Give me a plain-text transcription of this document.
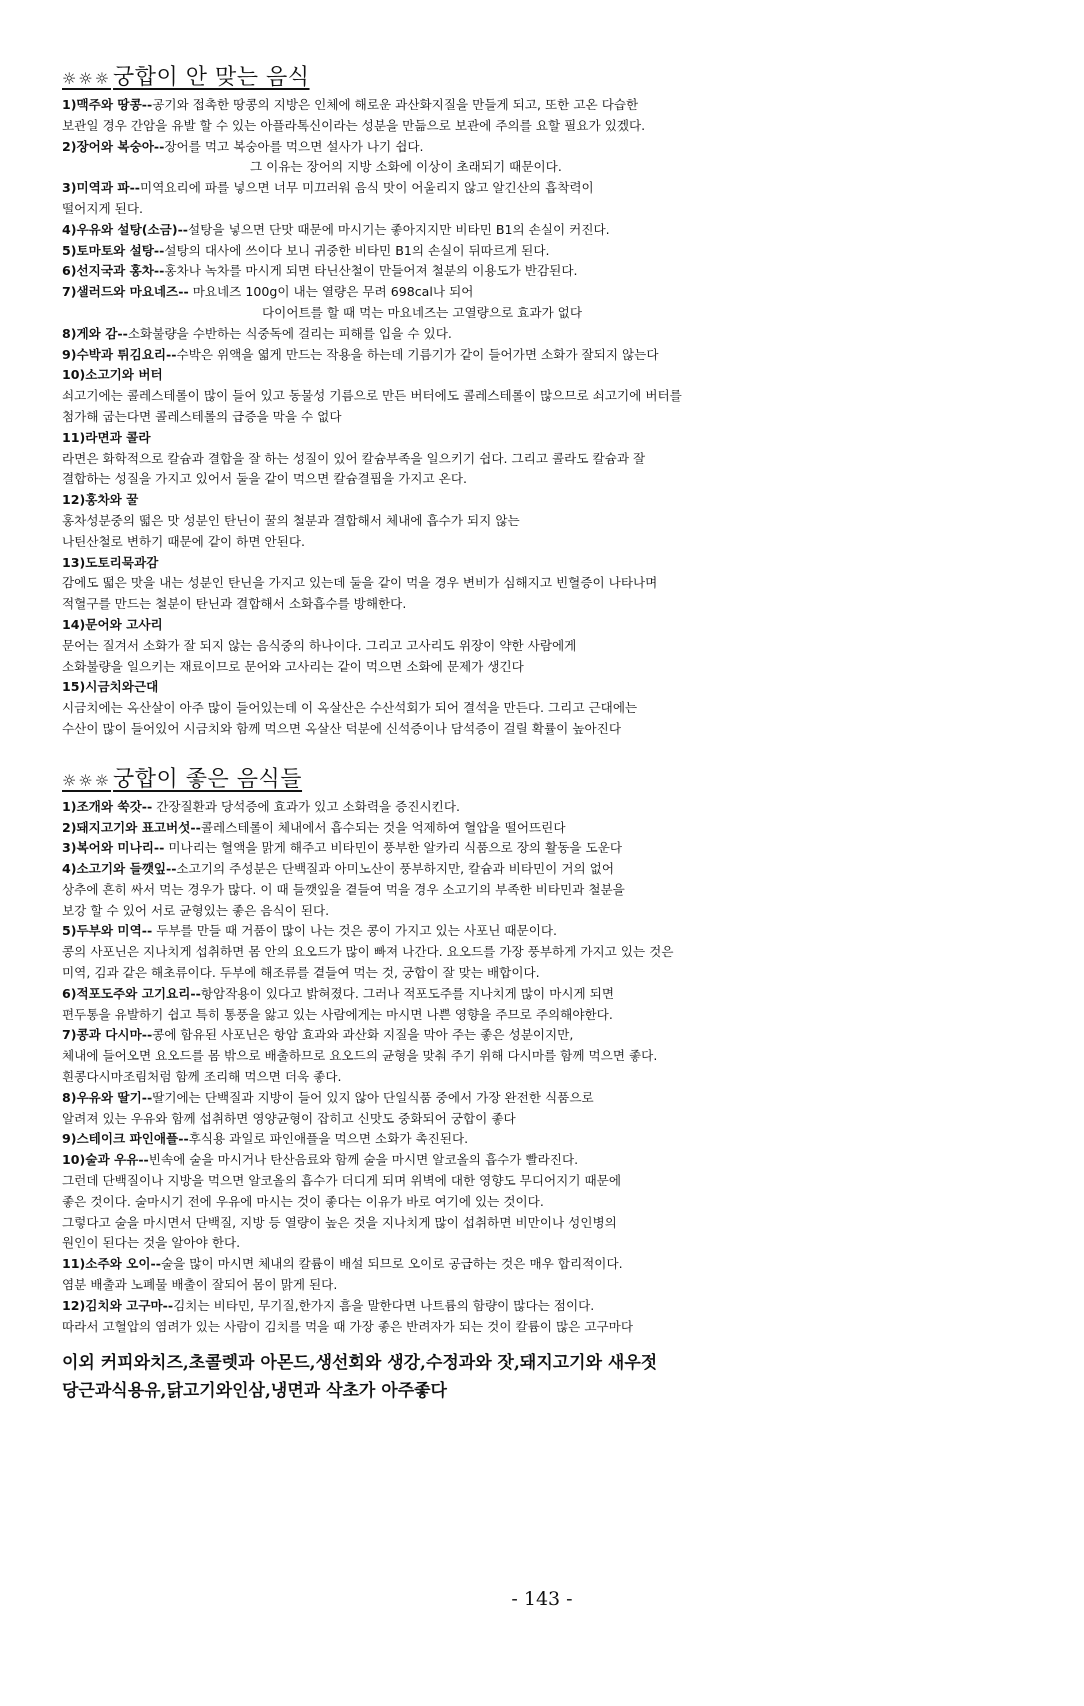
☼☼☼궁합이 안 맞는 음식
1)맥주와 땅콩--공기와 접촉한 땅콩의 지방은 인체에 해로운 과산화지질을 만들게 되고, 또한 고온 다습한
보관일 경우 간암을 유발 할 수 있는 아플라톡신이라는 성분을 만듦으로 보관에 주의를 요할 필요가 있겠다.
2)장어와 복숭아--장어를 먹고 복숭아를 먹으면 설사가 나기 쉽다.
그 이유는 장어의 지방 소화에 이상이 초래되기 때문이다.
3)미역과 파--미역요리에 파를 넣으면 너무 미끄러워 음식 맛이 어울리지 않고 알긴산의 흡착력이
떨어지게 된다.
4)우유와 설탕(소금)--설탕을 넣으면 단맛 때문에 마시기는 좋아지지만 비타민 B1의 손실이 커진다.
5)토마토와 설탕--설탕의 대사에 쓰이다 보니 귀중한 비타민 B1의 손실이 뒤따르게 된다.
6)선지국과 홍차--홍차나 녹차를 마시게 되면 타닌산철이 만들어져 철분의 이용도가 반감된다.
7)샐러드와 마요네즈-- 마요네즈 100g이 내는 열량은 무려 698cal나 되어
다이어트를 할 때 먹는 마요네즈는 고열량으로 효과가 없다
8)게와 감--소화불량을 수반하는 식중독에 걸리는 피해를 입을 수 있다.
9)수박과 튀김요리--수박은 위액을 엷게 만드는 작용을 하는데 기름기가 같이 들어가면 소화가 잘되지 않는다
10)소고기와 버터
쇠고기에는 콜레스테롤이 많이 들어 있고 동물성 기름으로 만든 버터에도 콜레스테롤이 많으므로 쇠고기에 버터를
첨가해 굽는다면 콜레스테롤의 급증을 막을 수 없다
11)라면과 콜라
라면은 화학적으로 칼슘과 결합을 잘 하는 성질이 있어 칼슘부족을 일으키기 쉽다. 그리고 콜라도 칼슘과 잘
결합하는 성질을 가지고 있어서 둘을 같이 먹으면 칼슘결핍을 가지고 온다.
12)홍차와 꿀
홍차성분중의 떫은 맛 성분인 탄닌이 꿀의 철분과 결합해서 체내에 흡수가 되지 않는
나틴산철로 변하기 때문에 같이 하면 안된다.
13)도토리묵과감
감에도 떫은 맛을 내는 성분인 탄닌을 가지고 있는데 둘을 같이 먹을 경우 변비가 심해지고 빈혈증이 나타나며
적혈구를 만드는 철분이 탄닌과 결합해서 소화흡수를 방해한다.
14)문어와 고사리
문어는 질겨서 소화가 잘 되지 않는 음식중의 하나이다. 그리고 고사리도 위장이 약한 사람에게
소화불량을 일으키는 재료이므로 문어와 고사리는 같이 먹으면 소화에 문제가 생긴다
15)시금치와근대
시금치에는 옥산살이 아주 많이 들어있는데 이 옥살산은 수산석회가 되어 결석을 만든다. 그리고 근대에는
수산이 많이 들어있어 시금치와 함께 먹으면 옥살산 덕분에 신석증이나 담석증이 걸릴 확률이 높아진다
☼☼☼궁합이 좋은 음식들
1)조개와 쑥갓-- 간장질환과 당석증에 효과가 있고 소화력을 증진시킨다.
2)돼지고기와 표고버섯--콜레스테롤이 체내에서 흡수되는 것을 억제하여 혈압을 떨어뜨린다
3)복어와 미나리-- 미나리는 혈액을 맑게 해주고 비타민이 풍부한 알카리 식품으로 장의 활동을 도운다
4)소고기와 들깻잎--소고기의 주성분은 단백질과 아미노산이 풍부하지만, 칼슘과 비타민이 거의 없어
상추에 흔히 싸서 먹는 경우가 많다. 이 때 들깻잎을 곁들여 먹을 경우 소고기의 부족한 비타민과 철분을
보강 할 수 있어 서로 균형있는 좋은 음식이 된다.
5)두부와 미역-- 두부를 만들 때 거품이 많이 나는 것은 콩이 가지고 있는 사포닌 때문이다.
콩의 사포닌은 지나치게 섭취하면 몸 안의 요오드가 많이 빠져 나간다. 요오드를 가장 풍부하게 가지고 있는 것은
미역, 김과 같은 해초류이다. 두부에 해조류를 곁들여 먹는 것, 궁합이 잘 맞는 배합이다.
6)적포도주와 고기요리--항암작용이 있다고 밝혀졌다. 그러나 적포도주를 지나치게 많이 마시게 되면
편두통을 유발하기 쉽고 특히 통풍을 앓고 있는 사람에게는 마시면 나쁜 영향을 주므로 주의해야한다.
7)콩과 다시마--콩에 함유된 사포닌은 항암 효과와 과산화 지질을 막아 주는 좋은 성분이지만,
체내에 들어오면 요오드를 몸 밖으로 배출하므로 요오드의 균형을 맞춰 주기 위해 다시마를 함께 먹으면 좋다.
흰콩다시마조림처럼 함께 조리해 먹으면 더욱 좋다.
8)우유와 딸기--딸기에는 단백질과 지방이 들어 있지 않아 단일식품 중에서 가장 완전한 식품으로
알려져 있는 우유와 함께 섭취하면 영양균형이 잡히고 신맛도 중화되어 궁합이 좋다
9)스테이크 파인애플--후식용 과일로 파인애플을 먹으면 소화가 촉진된다.
10)술과 우유--빈속에 술을 마시거나 탄산음료와 함께 술을 마시면 알코올의 흡수가 빨라진다.
그런데 단백질이나 지방을 먹으면 알코올의 흡수가 더디게 되며 위벽에 대한 영향도 무디어지기 때문에
좋은 것이다. 술마시기 전에 우유에 마시는 것이 좋다는 이유가 바로 여기에 있는 것이다.
그렇다고 술을 마시면서 단백질, 지방 등 열량이 높은 것을 지나치게 많이 섭취하면 비만이나 성인병의
원인이 된다는 것을 알아야 한다.
11)소주와 오이--술을 많이 마시면 체내의 칼륨이 배설 되므로 오이로 공급하는 것은 매우 합리적이다.
염분 배출과 노폐물 배출이 잘되어 몸이 맑게 된다.
12)김치와 고구마--김치는 비타민, 무기질,한가지 흠을 말한다면 나트륨의 함량이 많다는 점이다.
따라서 고혈압의 염려가 있는 사람이 김치를 먹을 때 가장 좋은 반려자가 되는 것이 칼륨이 많은 고구마다
이외 커피와치즈,초콜렛과 아몬드,생선회와 생강,수정과와 잣,돼지고기와 새우젓
당근과식용유,닭고기와인삼,냉면과 삭초가 아주좋다
- 143 -
